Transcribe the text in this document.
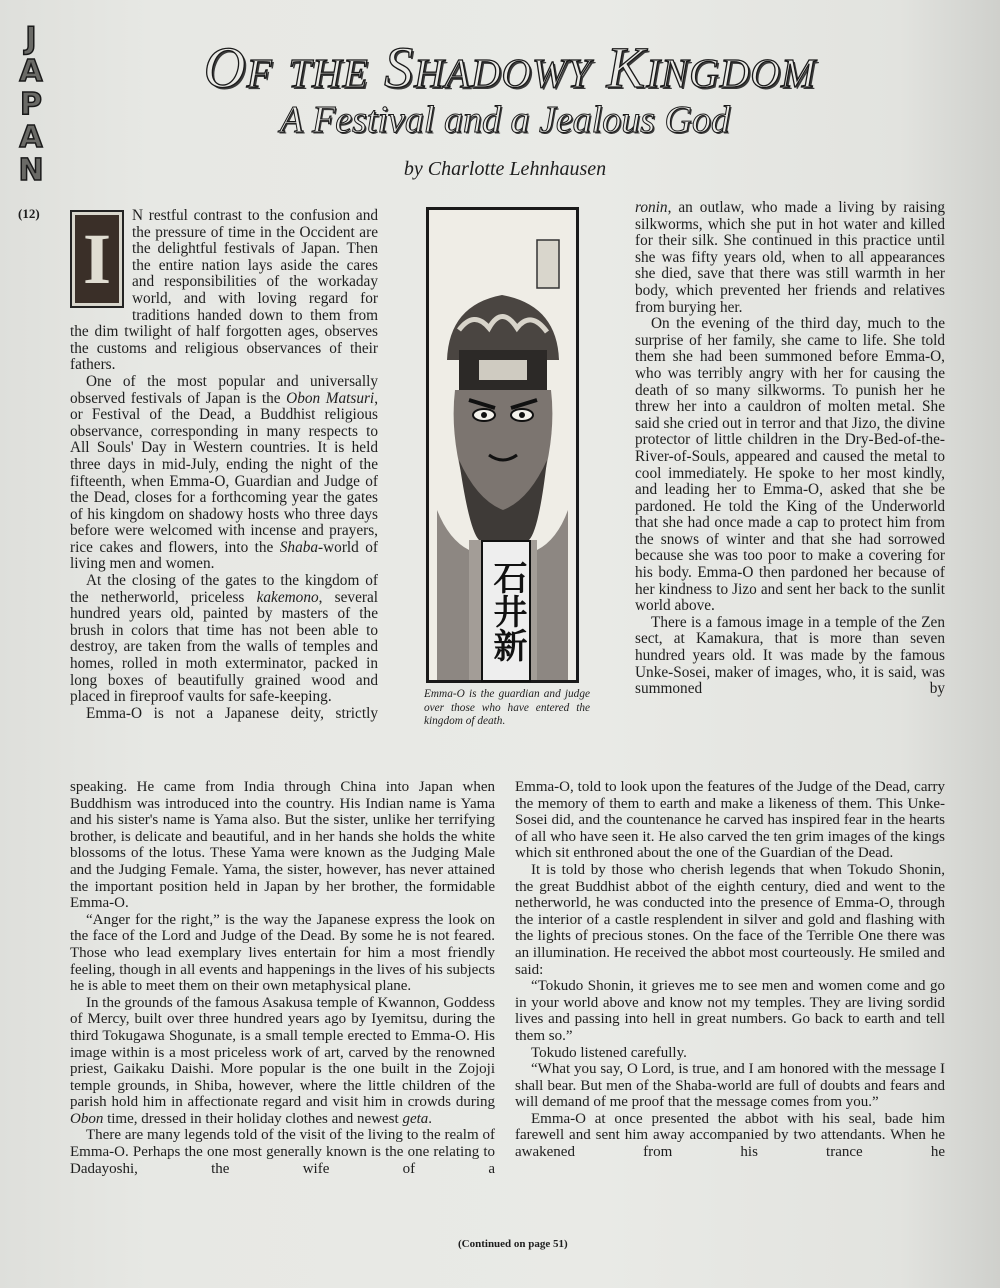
J
A
P
A
N
(12)
Of the Shadowy Kingdom
A Festival and a Jealous God
by Charlotte Lehnhausen

I
N restful contrast to the confusion and the pressure of time in the Occident are the delightful festivals of Japan. Then the entire nation lays aside the cares and responsibilities of the workaday world, and with loving regard for traditions handed down to them from the dim twilight of half forgotten ages, observes the customs and religious observances of their fathers.

One of the most popular and universally observed festivals of Japan is the Obon Matsuri, or Festival of the Dead, a Buddhist religious observance, corresponding in many respects to All Souls' Day in Western countries. It is held three days in mid-July, ending the night of the fifteenth, when Emma-O, Guardian and Judge of the Dead, closes for a forthcoming year the gates of his kingdom on shadowy hosts who three days before were welcomed with incense and prayers, rice cakes and flowers, into the Shaba-world of living men and women.

At the closing of the gates to the kingdom of the netherworld, priceless kakemono, several hundred years old, painted by masters of the brush in colors that time has not been able to destroy, are taken from the walls of temples and homes, rolled in moth exterminator, packed in long boxes of beautifully grained wood and placed in fireproof vaults for safe-keeping.

Emma-O is not a Japanese deity, strictly

石井新
Emma-O is the guardian and judge over those who have entered the kingdom of death.

ronin, an outlaw, who made a living by raising silkworms, which she put in hot water and killed for their silk. She continued in this practice until she was fifty years old, when to all appearances she died, save that there was still warmth in her body, which prevented her friends and relatives from burying her.

On the evening of the third day, much to the surprise of her family, she came to life. She told them she had been summoned before Emma-O, who was terribly angry with her for causing the death of so many silkworms. To punish her he threw her into a cauldron of molten metal. She said she cried out in terror and that Jizo, the divine protector of little children in the Dry-Bed-of-the-River-of-Souls, appeared and caused the metal to cool immediately. He spoke to her most kindly, and leading her to Emma-O, asked that she be pardoned. He told the King of the Underworld that she had once made a cap to protect him from the snows of winter and that she had sorrowed because she was too poor to make a covering for his body. Emma-O then pardoned her because of her kindness to Jizo and sent her back to the sunlit world above.

There is a famous image in a temple of the Zen sect, at Kamakura, that is more than seven hundred years old. It was made by the famous Unke-Sosei, maker of images, who, it is said, was summoned by

speaking. He came from India through China into Japan when Buddhism was introduced into the country. His Indian name is Yama and his sister's name is Yama also. But the sister, unlike her terrifying brother, is delicate and beautiful, and in her hands she holds the white blossoms of the lotus. These Yama were known as the Judging Male and the Judging Female. Yama, the sister, however, has never attained the important position held in Japan by her brother, the formidable Emma-O.

“Anger for the right,” is the way the Japanese express the look on the face of the Lord and Judge of the Dead. By some he is not feared. Those who lead exemplary lives entertain for him a most friendly feeling, though in all events and happenings in the lives of his subjects he is able to meet them on their own metaphysical plane.

In the grounds of the famous Asakusa temple of Kwannon, Goddess of Mercy, built over three hundred years ago by Iyemitsu, during the third Tokugawa Shogunate, is a small temple erected to Emma-O. His image within is a most priceless work of art, carved by the renowned priest, Gaikaku Daishi. More popular is the one built in the Zojoji temple grounds, in Shiba, however, where the little children of the parish hold him in affectionate regard and visit him in crowds during Obon time, dressed in their holiday clothes and newest geta.

There are many legends told of the visit of the living to the realm of Emma-O. Perhaps the one most generally known is the one relating to Dadayoshi, the wife of a

Emma-O, told to look upon the features of the Judge of the Dead, carry the memory of them to earth and make a likeness of them. This Unke-Sosei did, and the countenance he carved has inspired fear in the hearts of all who have seen it. He also carved the ten grim images of the kings which sit enthroned about the one of the Guardian of the Dead.

It is told by those who cherish legends that when Tokudo Shonin, the great Buddhist abbot of the eighth century, died and went to the netherworld, he was conducted into the presence of Emma-O, through the interior of a castle resplendent in silver and gold and flashing with the lights of precious stones. On the face of the Terrible One there was an illumination. He received the abbot most courteously. He smiled and said:

“Tokudo Shonin, it grieves me to see men and women come and go in your world above and know not my temples. They are living sordid lives and passing into hell in great numbers. Go back to earth and tell them so.”

Tokudo listened carefully.

“What you say, O Lord, is true, and I am honored with the message I shall bear. But men of the Shaba-world are full of doubts and fears and will demand of me proof that the message comes from you.”

Emma-O at once presented the abbot with his seal, bade him farewell and sent him away accompanied by two attendants. When he awakened from his trance he

(Continued on page 51)
